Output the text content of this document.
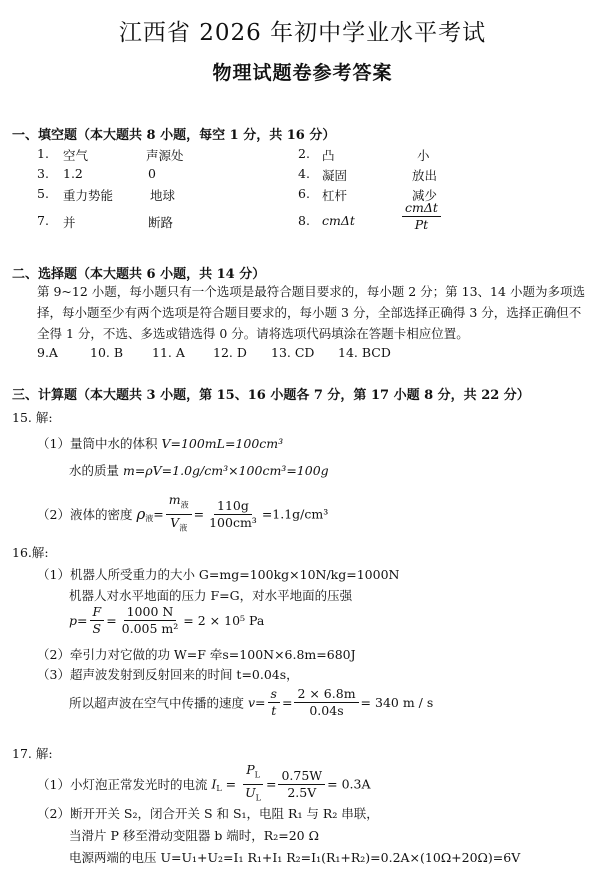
江西省 2026 年初中学业水平考试
物理试题卷参考答案
一、填空题（本大题共 8 小题，每空 1 分，共 16 分）
1. 空气	声源处	2. 凸	小
3. 1.2	0	4. 凝固	放出
5. 重力势能	地球	6. 杠杆	减少
7. 并	断路	8. cmΔt	$\frac{\text{cmΔt}}{Pt}$
二、选择题（本大题共 6 小题，共 14 分）
第 9~12 小题，每小题只有一个选项是最符合题目要求的，每小题 2 分；第 13、14 小题为多项选择，每小题至少有两个选项是符合题目要求的，每小题 3 分，全部选择正确得 3 分，选择正确但不全得 1 分，不选、多选或错选得 0 分。请将选项代码填涂在答题卡相应位置。
9.A	10. B 11. A 12. D 13. CD 14. BCD
三、计算题（本大题共 3 小题，第 15、16 小题各 7 分，第 17 小题 8 分，共 22 分）
15. 解:
（1）量筒中水的体积 V=100mL=100cm³
水的质量 m=ρV=1.0g/cm³×100cm³=100g
（2）液体的密度 $\rho_液= \frac{m_液}{V_液} = \frac{110g}{\text{100cm³}} =1.1g/cm^3$
16.解:
（1）机器人所受重力的大小 G=mg=100kg×10N/kg=1000N
机器人对水平地面的压力 F=G，对水平地面的压强
$p= \frac{F}{S} = \frac{1000 N}{\text{0.005 m²}} = 2 \times 10^5$ Pa
（2）牵引力对它做的功 W=F 牵s=100N×6.8m=680J
（3）超声波发射到反射回来的时间 t=0.04s，
所以超声波在空气中传播的速度 $v= \frac{s}{t} = \frac{2 \times 6.8m}{0.04s} = 340$ m / s
17. 解:
（1）小灯泡正常发光时的电流 $I_L = \frac{P_L}{U_L} = \frac{0.75W}{2.5V} = 0.3A$
（2）断开开关 S₂，闭合开关 S 和 S₁，电阻 R₁ 与 R₂ 串联，
当滑片 P 移至滑动变阻器 b 端时，R₂=20 Ω
电源两端的电压 U=U₁+U₂=I₁ R₁+I₁ R₂=I₁(R₁+R₂)=0.2A×(10Ω+20Ω)=6V
